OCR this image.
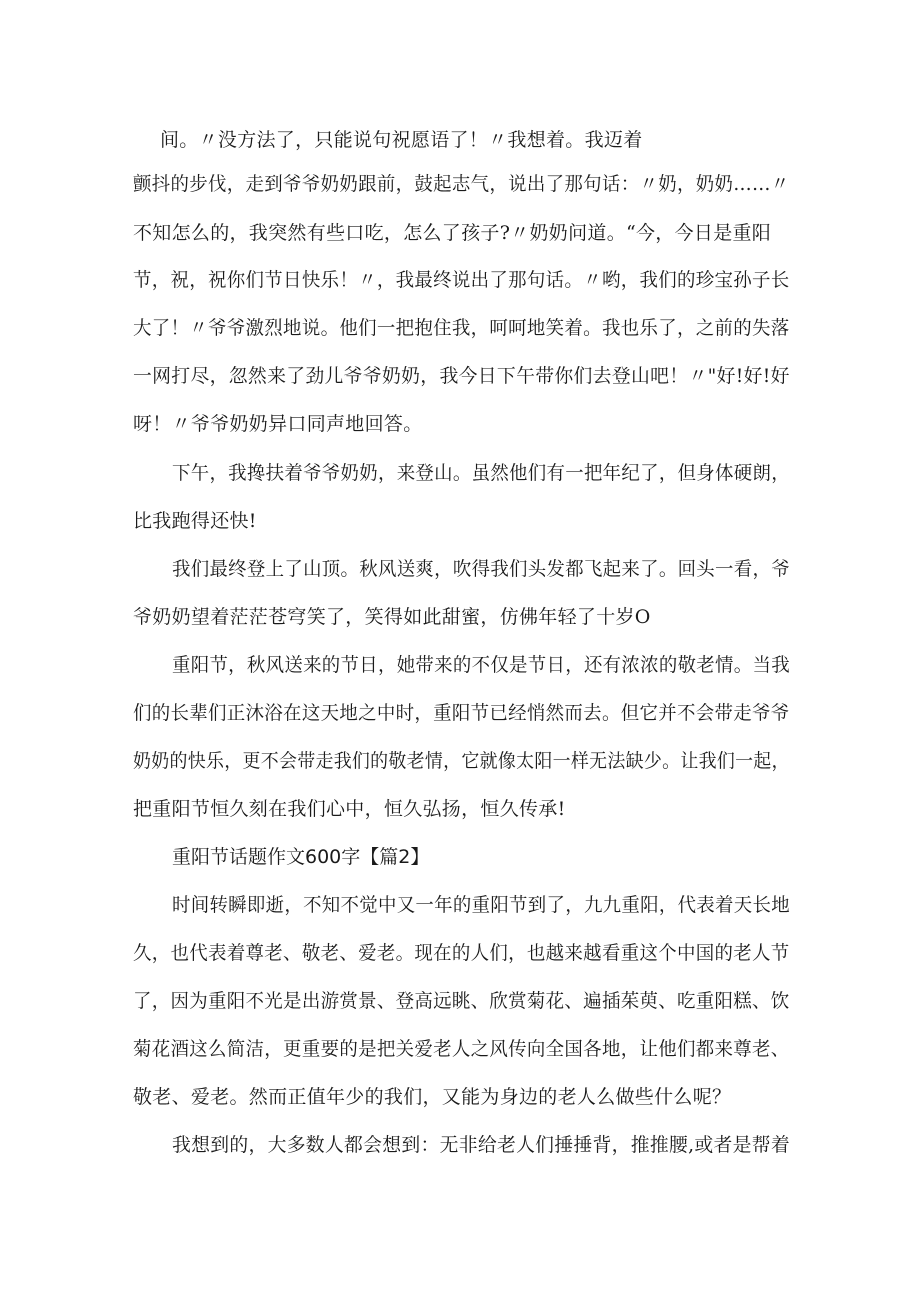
间。〃没方法了，只能说句祝愿语了！〃我想着。我迈着
颤抖的步伐，走到爷爷奶奶跟前，鼓起志气，说出了那句话：〃奶，奶奶……〃
不知怎么的，我突然有些口吃，怎么了孩子?〃奶奶问道。“今，今日是重阳
节，祝，祝你们节日快乐！〃，我最终说出了那句话。〃哟，我们的珍宝孙子长
大了！〃爷爷激烈地说。他们一把抱住我，呵呵地笑着。我也乐了，之前的失落
一网打尽，忽然来了劲儿爷爷奶奶，我今日下午带你们去登山吧！〃"好!好!好
呀！〃爷爷奶奶异口同声地回答。
下午，我搀扶着爷爷奶奶，来登山。虽然他们有一把年纪了，但身体硬朗，
比我跑得还快!
我们最终登上了山顶。秋风送爽，吹得我们头发都飞起来了。回头一看，爷
爷奶奶望着茫茫苍穹笑了，笑得如此甜蜜，仿佛年轻了十岁O
重阳节，秋风送来的节日，她带来的不仅是节日，还有浓浓的敬老情。当我
们的长辈们正沐浴在这天地之中时，重阳节已经悄然而去。但它并不会带走爷爷
奶奶的快乐，更不会带走我们的敬老情，它就像太阳一样无法缺少。让我们一起，
把重阳节恒久刻在我们心中，恒久弘扬，恒久传承!
重阳节话题作文600字【篇2】
时间转瞬即逝，不知不觉中又一年的重阳节到了，九九重阳，代表着天长地
久，也代表着尊老、敬老、爱老。现在的人们，也越来越看重这个中国的老人节
了，因为重阳不光是出游赏景、登高远眺、欣赏菊花、遍插茱萸、吃重阳糕、饮
菊花酒这么简洁，更重要的是把关爱老人之风传向全国各地，让他们都来尊老、
敬老、爱老。然而正值年少的我们，又能为身边的老人么做些什么呢？
我想到的，大多数人都会想到：无非给老人们捶捶背，推推腰,或者是帮着
